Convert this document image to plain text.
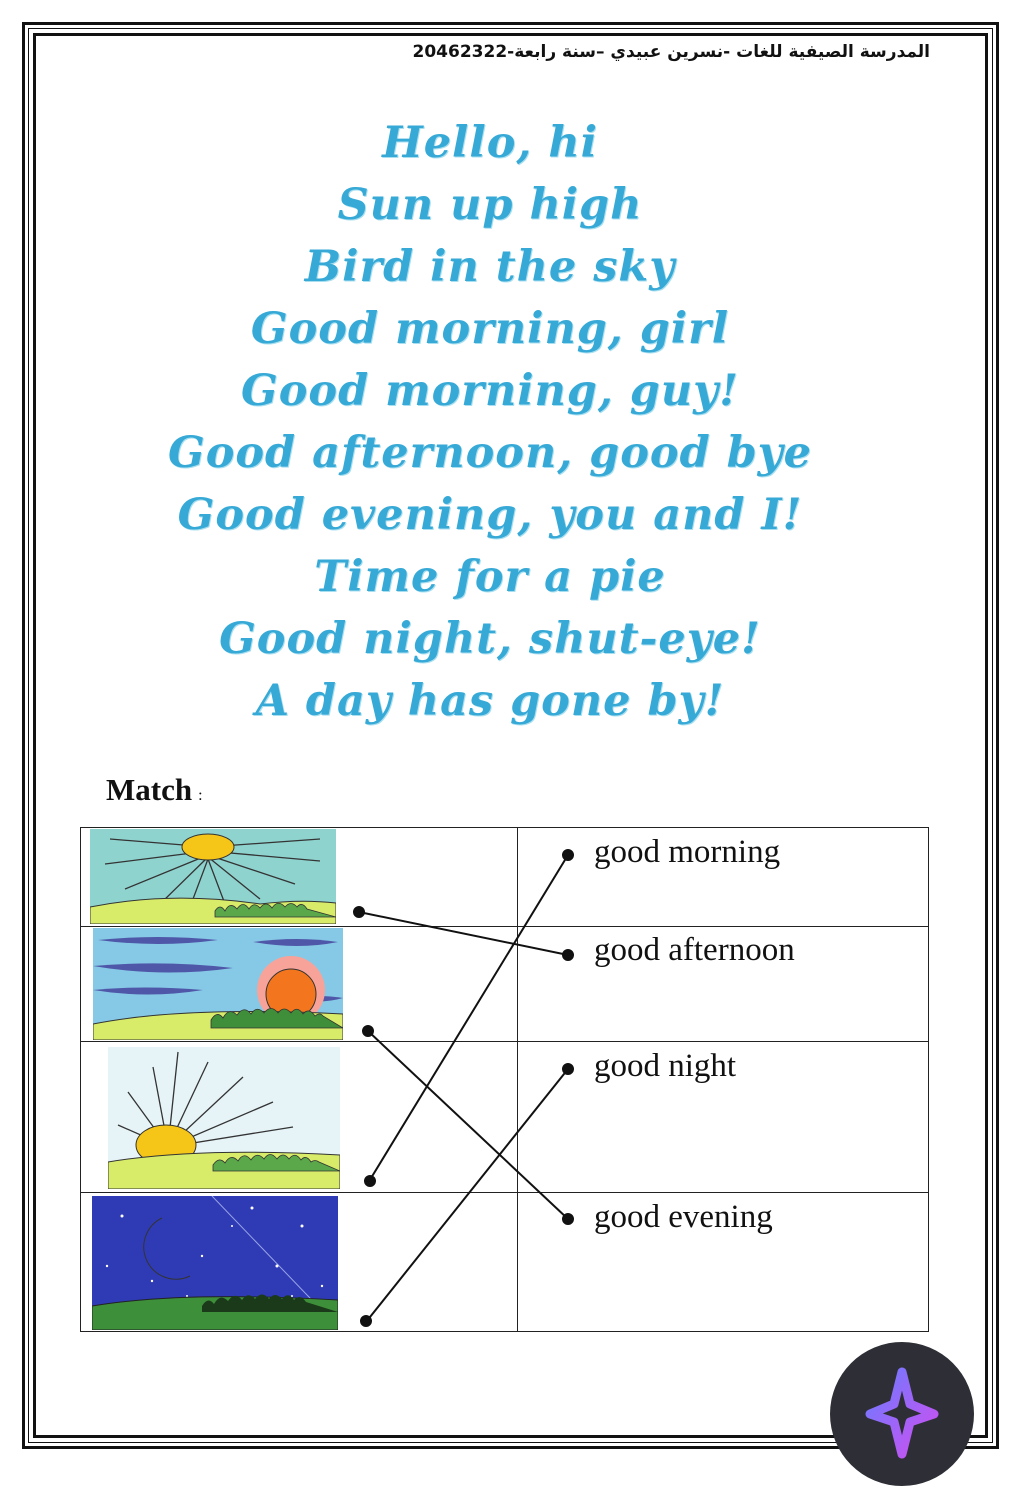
المدرسة الصيفية للغات -نسرين عبيدي –سنة رابعة-20462322
Hello, hi
Sun up high
Bird in the sky
Good morning, girl
Good morning, guy!
Good afternoon, good bye
Good evening, you and I!
Time for a pie
Good night, shut-eye!
A day has gone by!
Match :
good morning
good afternoon
good night
good evening
